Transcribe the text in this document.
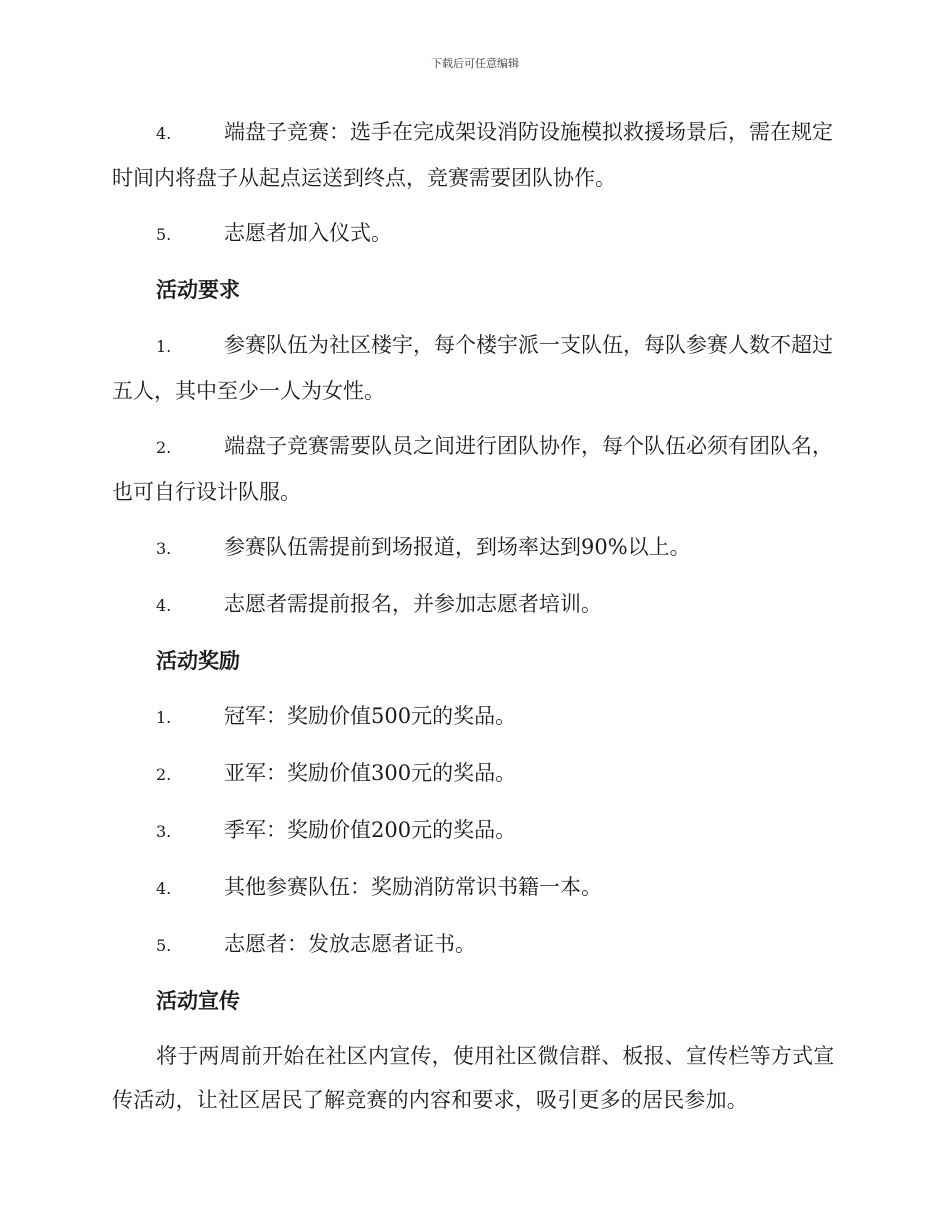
下载后可任意编辑
4.	端盘子竞赛：选手在完成架设消防设施模拟救援场景后，需在规定时间内将盘子从起点运送到终点，竞赛需要团队协作。
5.	志愿者加入仪式。
活动要求
1.	参赛队伍为社区楼宇，每个楼宇派一支队伍，每队参赛人数不超过五人，其中至少一人为女性。
2.	端盘子竞赛需要队员之间进行团队协作，每个队伍必须有团队名，也可自行设计队服。
3.	参赛队伍需提前到场报道，到场率达到90%以上。
4.	志愿者需提前报名，并参加志愿者培训。
活动奖励
1.	冠军：奖励价值500元的奖品。
2.	亚军：奖励价值300元的奖品。
3.	季军：奖励价值200元的奖品。
4.	其他参赛队伍：奖励消防常识书籍一本。
5.	志愿者：发放志愿者证书。
活动宣传
将于两周前开始在社区内宣传，使用社区微信群、板报、宣传栏等方式宣传活动，让社区居民了解竞赛的内容和要求，吸引更多的居民参加。
